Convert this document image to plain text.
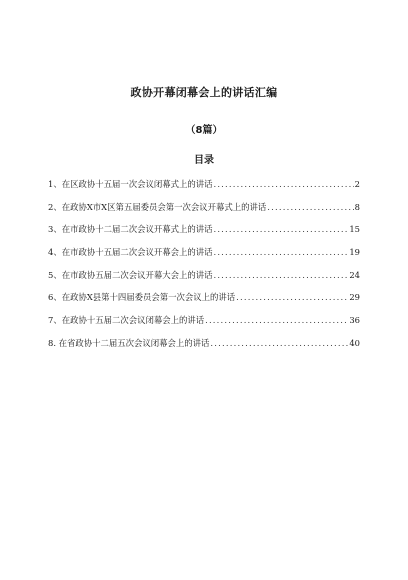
政协开幕闭幕会上的讲话汇编
（8篇）
目录
1、在区政协十五届一次会议闭幕式上的讲话 .....	2
2、在政协X市X区第五届委员会第一次会议开幕式上的讲话 .....	8
3、在市政协十二届二次会议开幕式上的讲话 .....	15
4、在市政协十五届二次会议开幕会上的讲话 .....	19
5、在市政协五届二次会议开幕大会上的讲话 .....	24
6、在政协X县第十四届委员会第一次会议上的讲话 .....	29
7、在政协十五届二次会议闭幕会上的讲话 .....	36
8. 在省政协十二届五次会议闭幕会上的讲话 .....	40
